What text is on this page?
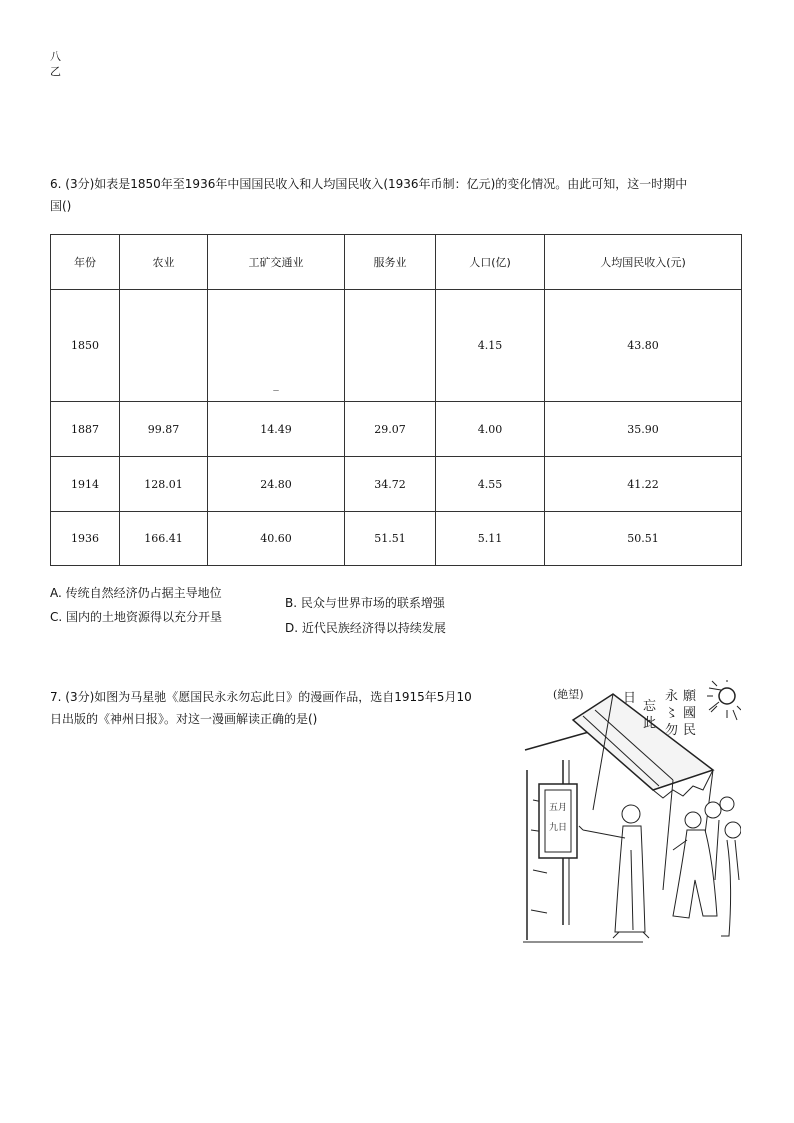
八
乙
6. (3分)如表是1850年至1936年中国国民收入和人均国民收入(1936年币制：亿元)的变化情况。由此可知，这一时期中
国()
年份	农业	工矿交通业	服务业	人口(亿)	人均国民收入(元)
1850		_		4.15	43.80
1887	99.87	14.49	29.07	4.00	35.90
1914	128.01	24.80	34.72	4.55	41.22
1936	166.41	40.60	51.51	5.11	50.51
A. 传统自然经济仍占据主导地位
C. 国内的土地资源得以充分开垦
B. 民众与世界市场的联系增强
D. 近代民族经济得以持续发展
7. (3分)如图为马星驰《愿国民永永勿忘此日》的漫画作品，选自1915年5月10
日出版的《神州日报》。对这一漫画解读正确的是()
(絶望)	願
國
民
永
〻
勿
忘
此
日
五月
九日
